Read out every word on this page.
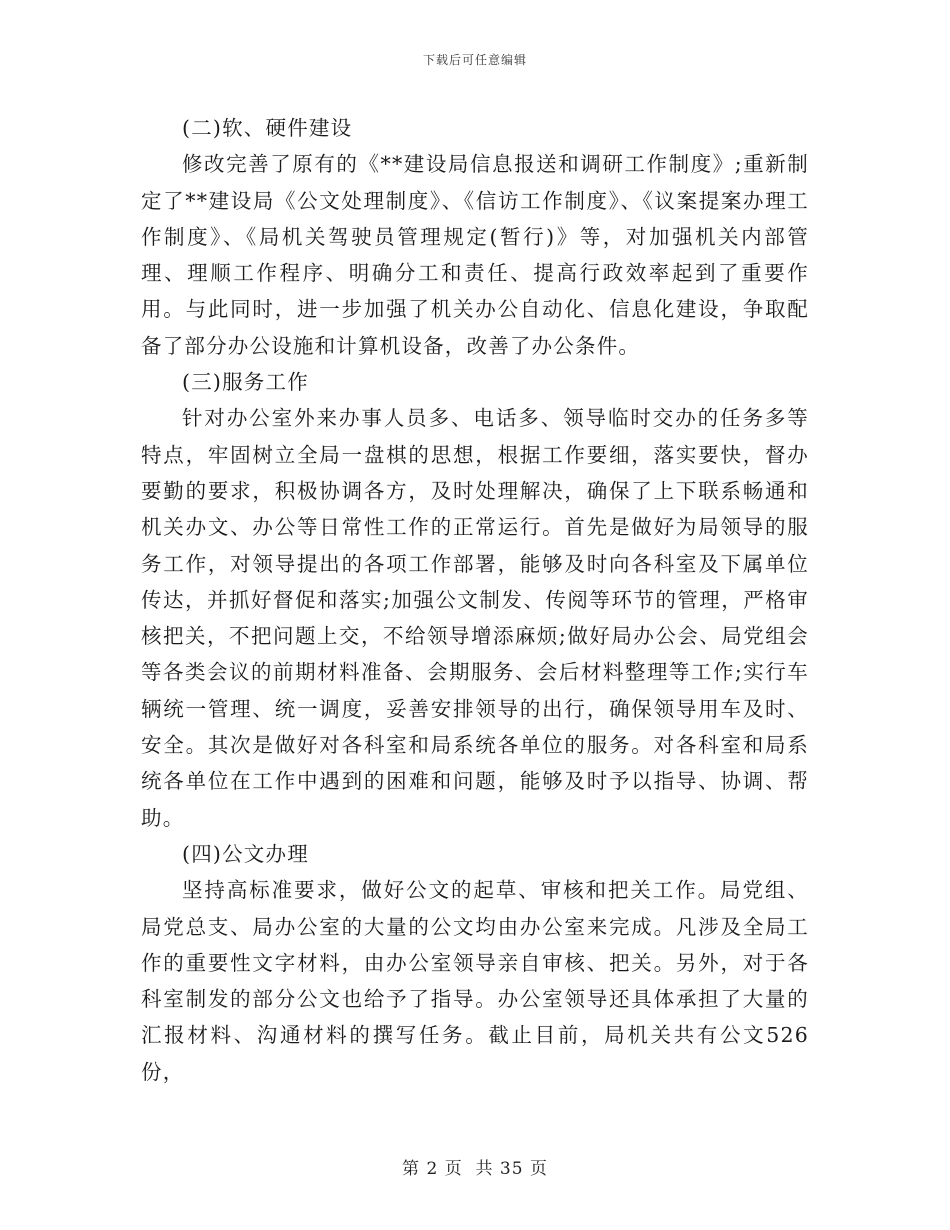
下载后可任意编辑

(二)软、硬件建设

修改完善了原有的《**建设局信息报送和调研工作制度》;重新制定了**建设局《公文处理制度》、《信访工作制度》、《议案提案办理工作制度》、《局机关驾驶员管理规定(暂行)》等，对加强机关内部管理、理顺工作程序、明确分工和责任、提高行政效率起到了重要作用。与此同时，进一步加强了机关办公自动化、信息化建设，争取配备了部分办公设施和计算机设备，改善了办公条件。

(三)服务工作

针对办公室外来办事人员多、电话多、领导临时交办的任务多等特点，牢固树立全局一盘棋的思想，根据工作要细，落实要快，督办要勤的要求，积极协调各方，及时处理解决，确保了上下联系畅通和机关办文、办公等日常性工作的正常运行。首先是做好为局领导的服务工作，对领导提出的各项工作部署，能够及时向各科室及下属单位传达，并抓好督促和落实;加强公文制发、传阅等环节的管理，严格审核把关，不把问题上交，不给领导增添麻烦;做好局办公会、局党组会等各类会议的前期材料准备、会期服务、会后材料整理等工作;实行车辆统一管理、统一调度，妥善安排领导的出行，确保领导用车及时、安全。其次是做好对各科室和局系统各单位的服务。对各科室和局系统各单位在工作中遇到的困难和问题，能够及时予以指导、协调、帮助。

(四)公文办理

坚持高标准要求，做好公文的起草、审核和把关工作。局党组、局党总支、局办公室的大量的公文均由办公室来完成。凡涉及全局工作的重要性文字材料，由办公室领导亲自审核、把关。另外，对于各科室制发的部分公文也给予了指导。办公室领导还具体承担了大量的汇报材料、沟通材料的撰写任务。截止目前，局机关共有公文526份，

第 2 页  共 35 页
